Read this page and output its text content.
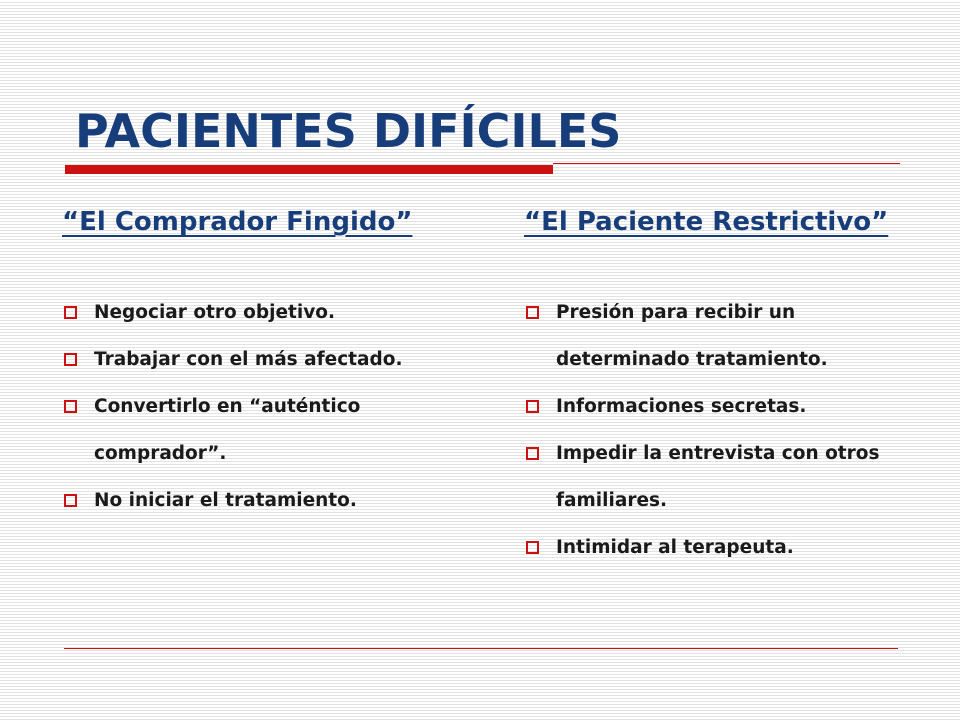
PACIENTES DIFÍCILES
“El Comprador Fingido”
Negociar otro objetivo.
Trabajar con el más afectado.
Convertirlo en “auténtico comprador”.
No iniciar el tratamiento.
“El Paciente Restrictivo”
Presión para recibir un determinado tratamiento.
Informaciones secretas.
Impedir la entrevista con otros familiares.
Intimidar al terapeuta.
